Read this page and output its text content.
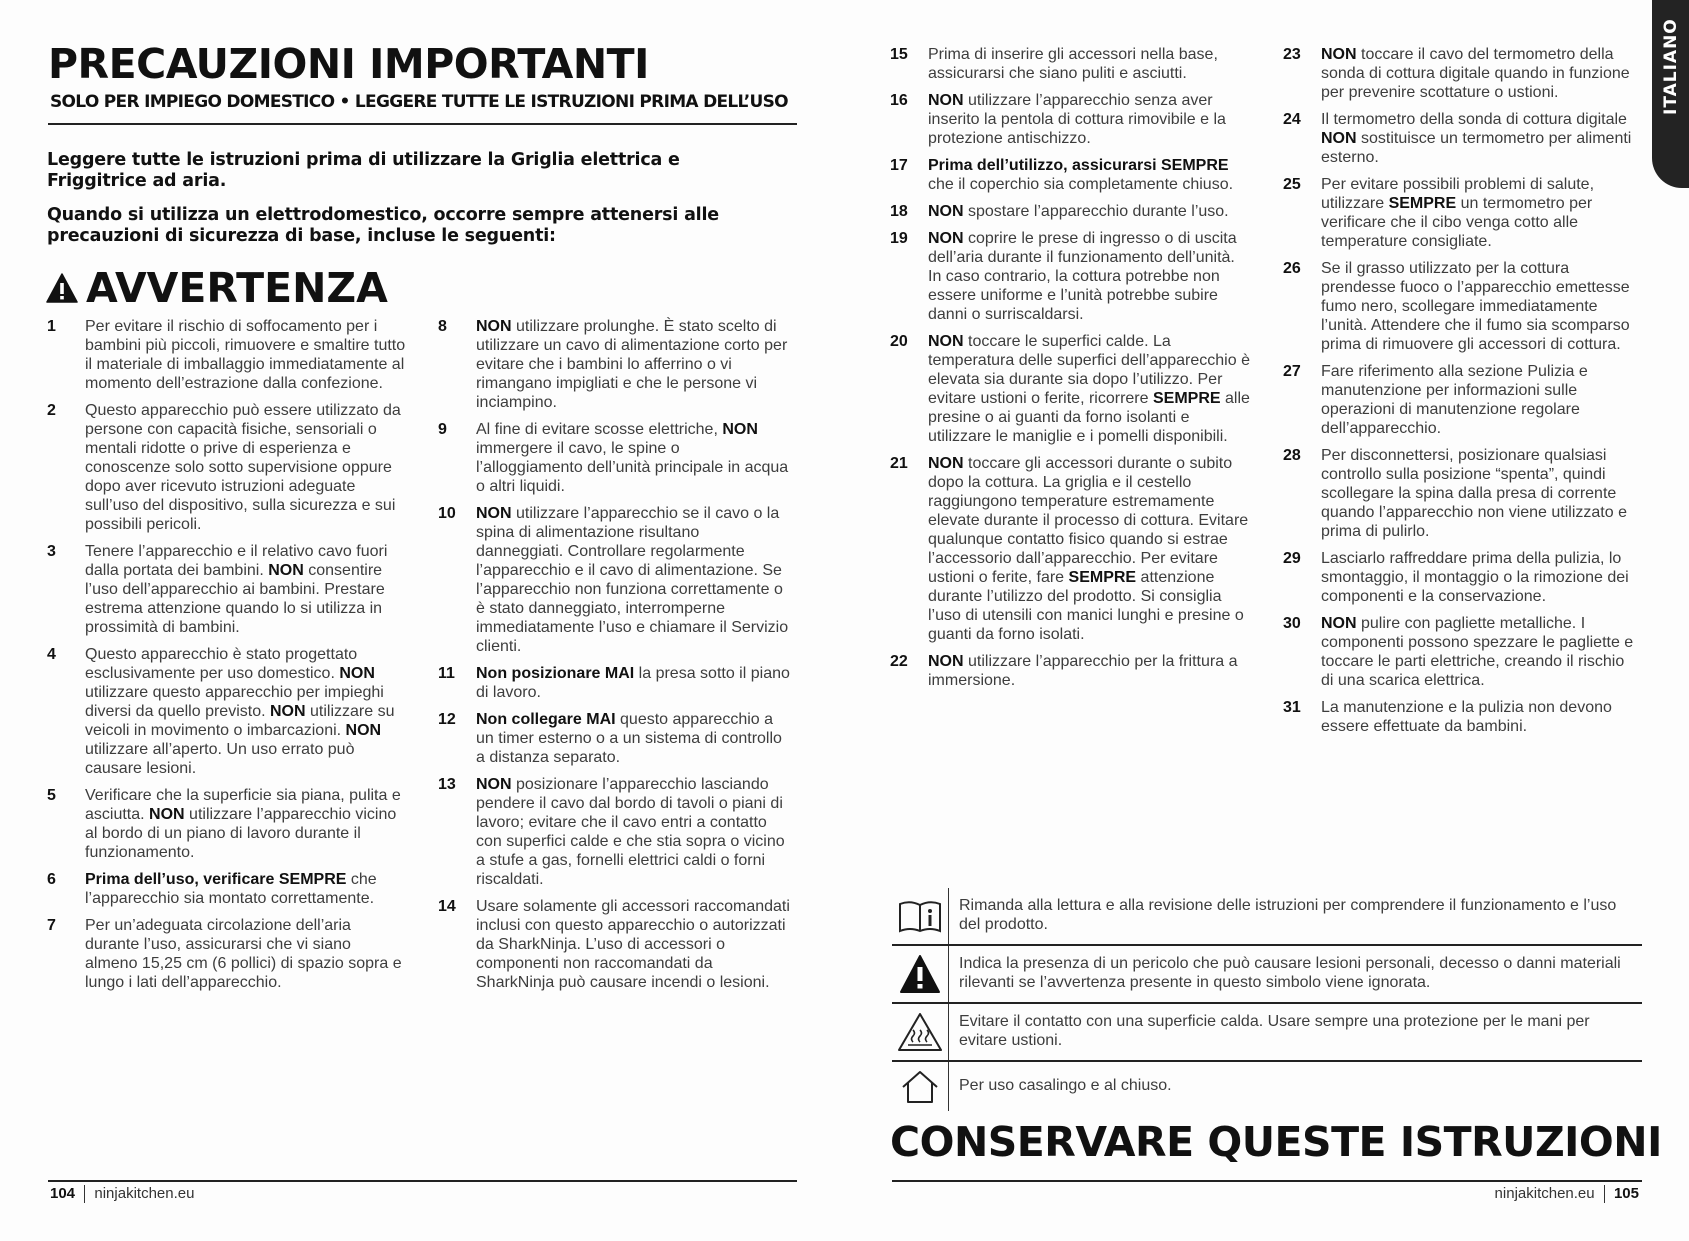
PRECAUZIONI IMPORTANTI
SOLO PER IMPIEGO DOMESTICO • LEGGERE TUTTE LE ISTRUZIONI PRIMA DELL’USO
Leggere tutte le istruzioni prima di utilizzare la Griglia elettrica e Friggitrice ad aria.
Quando si utilizza un elettrodomestico, occorre sempre attenersi alle precauzioni di sicurezza di base, incluse le seguenti:
AVVERTENZA
1	Per evitare il rischio di soffocamento per i bambini più piccoli, rimuovere e smaltire tutto il materiale di imballaggio immediatamente al momento dell’estrazione dalla confezione.
2	Questo apparecchio può essere utilizzato da persone con capacità fisiche, sensoriali o mentali ridotte o prive di esperienza e conoscenze solo sotto supervisione oppure dopo aver ricevuto istruzioni adeguate sull’uso del dispositivo, sulla sicurezza e sui possibili pericoli.
3	Tenere l’apparecchio e il relativo cavo fuori dalla portata dei bambini. NON consentire l’uso dell’apparecchio ai bambini. Prestare estrema attenzione quando lo si utilizza in prossimità di bambini.
4	Questo apparecchio è stato progettato esclusivamente per uso domestico. NON utilizzare questo apparecchio per impieghi diversi da quello previsto. NON utilizzare su veicoli in movimento o imbarcazioni. NON utilizzare all’aperto. Un uso errato può causare lesioni.
5	Verificare che la superficie sia piana, pulita e asciutta. NON utilizzare l’apparecchio vicino al bordo di un piano di lavoro durante il funzionamento.
6	Prima dell’uso, verificare SEMPRE che l’apparecchio sia montato correttamente.
7	Per un’adeguata circolazione dell’aria durante l’uso, assicurarsi che vi siano almeno 15,25 cm (6 pollici) di spazio sopra e lungo i lati dell’apparecchio.
8	NON utilizzare prolunghe. È stato scelto di utilizzare un cavo di alimentazione corto per evitare che i bambini lo afferrino o vi rimangano impigliati e che le persone vi inciampino.
9	Al fine di evitare scosse elettriche, NON immergere il cavo, le spine o l’alloggiamento dell’unità principale in acqua o altri liquidi.
10	NON utilizzare l’apparecchio se il cavo o la spina di alimentazione risultano danneggiati. Controllare regolarmente l’apparecchio e il cavo di alimentazione. Se l’apparecchio non funziona correttamente o è stato danneggiato, interromperne immediatamente l’uso e chiamare il Servizio clienti.
11	Non posizionare MAI la presa sotto il piano di lavoro.
12	Non collegare MAI questo apparecchio a un timer esterno o a un sistema di controllo a distanza separato.
13	NON posizionare l’apparecchio lasciando pendere il cavo dal bordo di tavoli o piani di lavoro; evitare che il cavo entri a contatto con superfici calde e che stia sopra o vicino a stufe a gas, fornelli elettrici caldi o forni riscaldati.
14	Usare solamente gli accessori raccomandati inclusi con questo apparecchio o autorizzati da SharkNinja. L’uso di accessori o componenti non raccomandati da SharkNinja può causare incendi o lesioni.
104 ninjakitchen.eu
15	Prima di inserire gli accessori nella base, assicurarsi che siano puliti e asciutti.
16	NON utilizzare l’apparecchio senza aver inserito la pentola di cottura rimovibile e la protezione antischizzo.
17	Prima dell’utilizzo, assicurarsi SEMPRE che il coperchio sia completamente chiuso.
18	NON spostare l’apparecchio durante l’uso.
19	NON coprire le prese di ingresso o di uscita dell’aria durante il funzionamento dell’unità. In caso contrario, la cottura potrebbe non essere uniforme e l’unità potrebbe subire danni o surriscaldarsi.
20	NON toccare le superfici calde. La temperatura delle superfici dell’apparecchio è elevata sia durante sia dopo l’utilizzo. Per evitare ustioni o ferite, ricorrere SEMPRE alle presine o ai guanti da forno isolanti e utilizzare le maniglie e i pomelli disponibili.
21	NON toccare gli accessori durante o subito dopo la cottura. La griglia e il cestello raggiungono temperature estremamente elevate durante il processo di cottura. Evitare qualunque contatto fisico quando si estrae l’accessorio dall’apparecchio. Per evitare ustioni o ferite, fare SEMPRE attenzione durante l’utilizzo del prodotto. Si consiglia l’uso di utensili con manici lunghi e presine o guanti da forno isolati.
22	NON utilizzare l’apparecchio per la frittura a immersione.
23	NON toccare il cavo del termometro della sonda di cottura digitale quando in funzione per prevenire scottature o ustioni.
24	Il termometro della sonda di cottura digitale NON sostituisce un termometro per alimenti esterno.
25	Per evitare possibili problemi di salute, utilizzare SEMPRE un termometro per verificare che il cibo venga cotto alle temperature consigliate.
26	Se il grasso utilizzato per la cottura prendesse fuoco o l’apparecchio emettesse fumo nero, scollegare immediatamente l’unità. Attendere che il fumo sia scomparso prima di rimuovere gli accessori di cottura.
27	Fare riferimento alla sezione Pulizia e manutenzione per informazioni sulle operazioni di manutenzione regolare dell’apparecchio.
28	Per disconnettersi, posizionare qualsiasi controllo sulla posizione “spenta”, quindi scollegare la spina dalla presa di corrente quando l’apparecchio non viene utilizzato e prima di pulirlo.
29	Lasciarlo raffreddare prima della pulizia, lo smontaggio, il montaggio o la rimozione dei componenti e la conservazione.
30	NON pulire con pagliette metalliche. I componenti possono spezzare le pagliette e toccare le parti elettriche, creando il rischio di una scarica elettrica.
31	La manutenzione e la pulizia non devono essere effettuate da bambini.
Rimanda alla lettura e alla revisione delle istruzioni per comprendere il funzionamento e l’uso del prodotto.
Indica la presenza di un pericolo che può causare lesioni personali, decesso o danni materiali rilevanti se l’avvertenza presente in questo simbolo viene ignorata.
Evitare il contatto con una superficie calda. Usare sempre una protezione per le mani per evitare ustioni.
Per uso casalingo e al chiuso.
CONSERVARE QUESTE ISTRUZIONI
ninjakitchen.eu 105
ITALIANO
